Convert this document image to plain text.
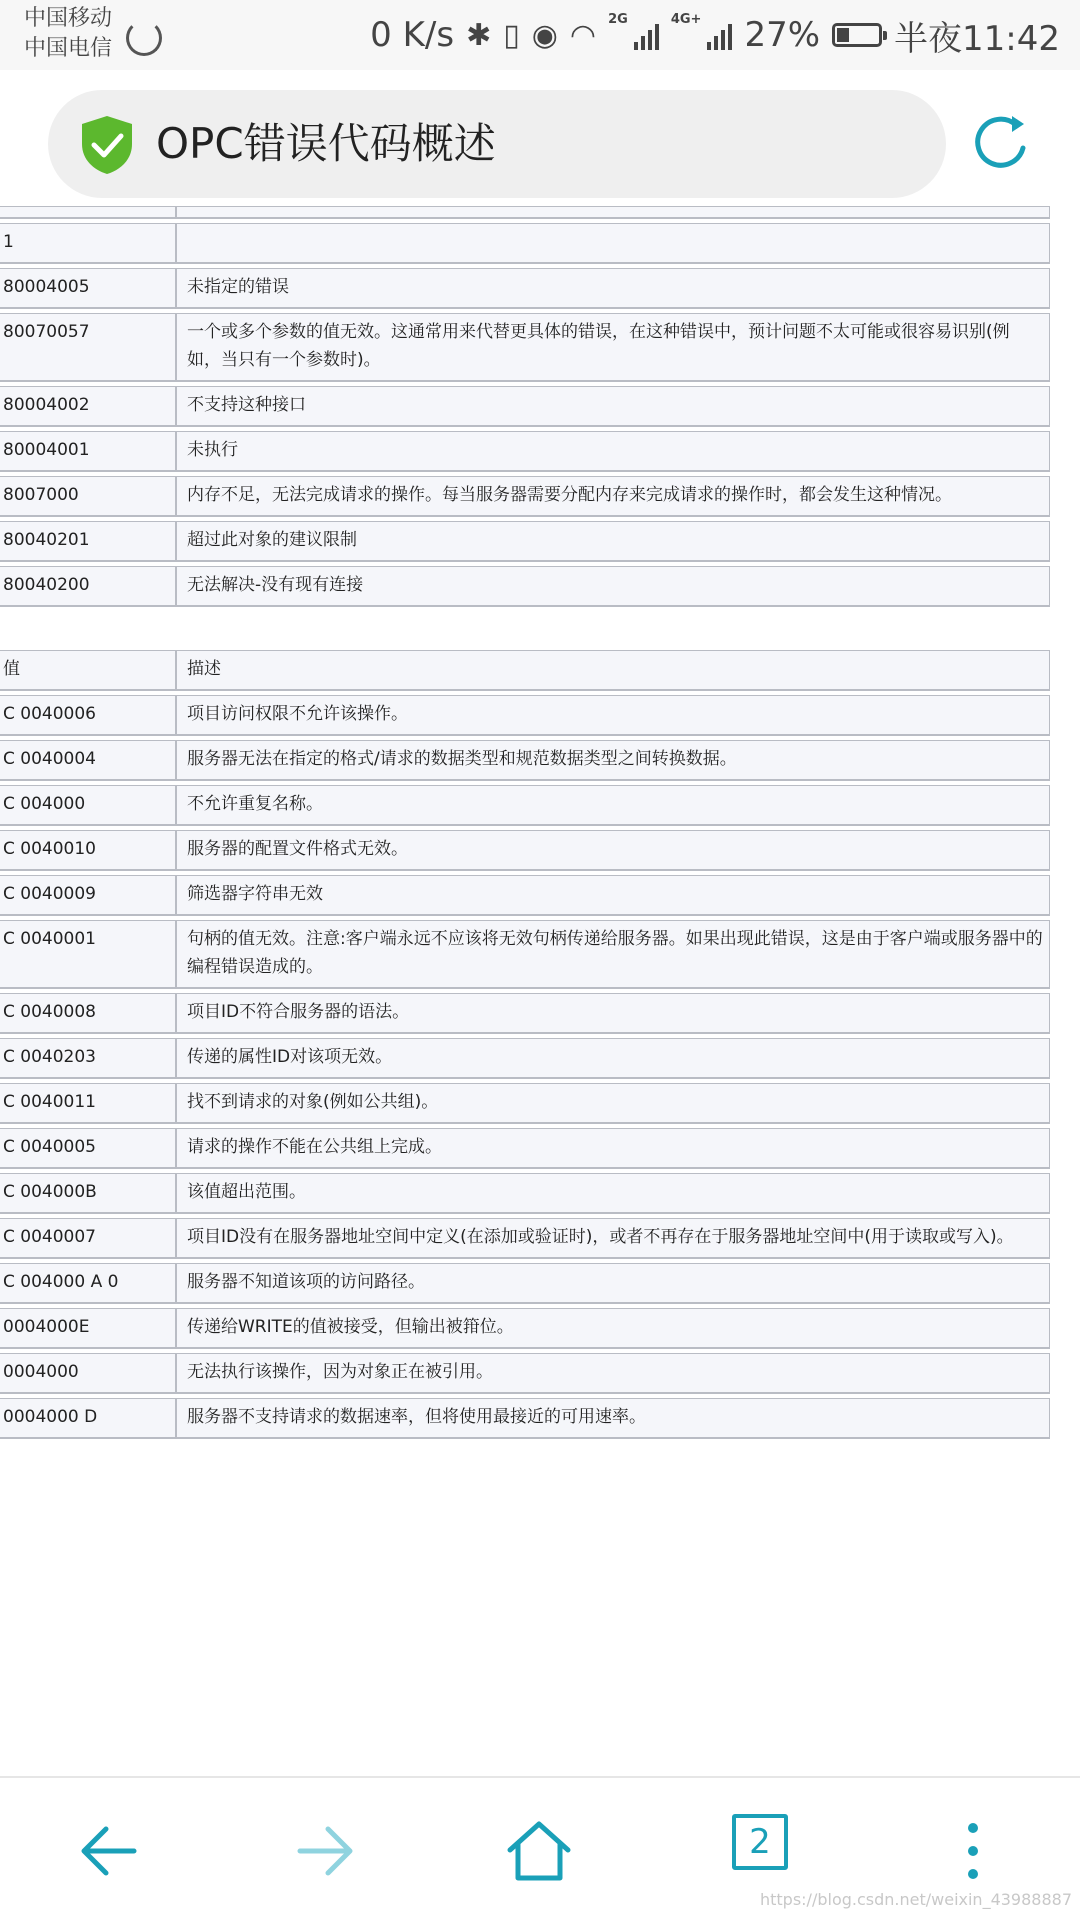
中国移动
中国电信	0 K/s ✱ ▯ ◉ ◠ 2G	4G+ 27% 半夜11:42
OPC错误代码概述

1	
80004005	未指定的错误
80070057	一个或多个参数的值无效。这通常用来代替更具体的错误，在这种错误中，预计问题不太可能或很容易识别(例如，当只有一个参数时)。
80004002	不支持这种接口
80004001	未执行
8007000	内存不足，无法完成请求的操作。每当服务器需要分配内存来完成请求的操作时，都会发生这种情况。
80040201	超过此对象的建议限制
80040200	无法解决-没有现有连接
值	描述
C 0040006	项目访问权限不允许该操作。
C 0040004	服务器无法在指定的格式/请求的数据类型和规范数据类型之间转换数据。
C 004000	不允许重复名称。
C 0040010	服务器的配置文件格式无效。
C 0040009	筛选器字符串无效
C 0040001	句柄的值无效。注意:客户端永远不应该将无效句柄传递给服务器。如果出现此错误，这是由于客户端或服务器中的编程错误造成的。
C 0040008	项目ID不符合服务器的语法。
C 0040203	传递的属性ID对该项无效。
C 0040011	找不到请求的对象(例如公共组)。
C 0040005	请求的操作不能在公共组上完成。
C 004000B	该值超出范围。
C 0040007	项目ID没有在服务器地址空间中定义(在添加或验证时)，或者不再存在于服务器地址空间中(用于读取或写入)。
C 004000 A 0	服务器不知道该项的访问路径。
0004000E	传递给WRITE的值被接受，但输出被箝位。
0004000	无法执行该操作，因为对象正在被引用。
0004000 D	服务器不支持请求的数据速率，但将使用最接近的可用速率。
2
https://blog.csdn.net/weixin_43988887
